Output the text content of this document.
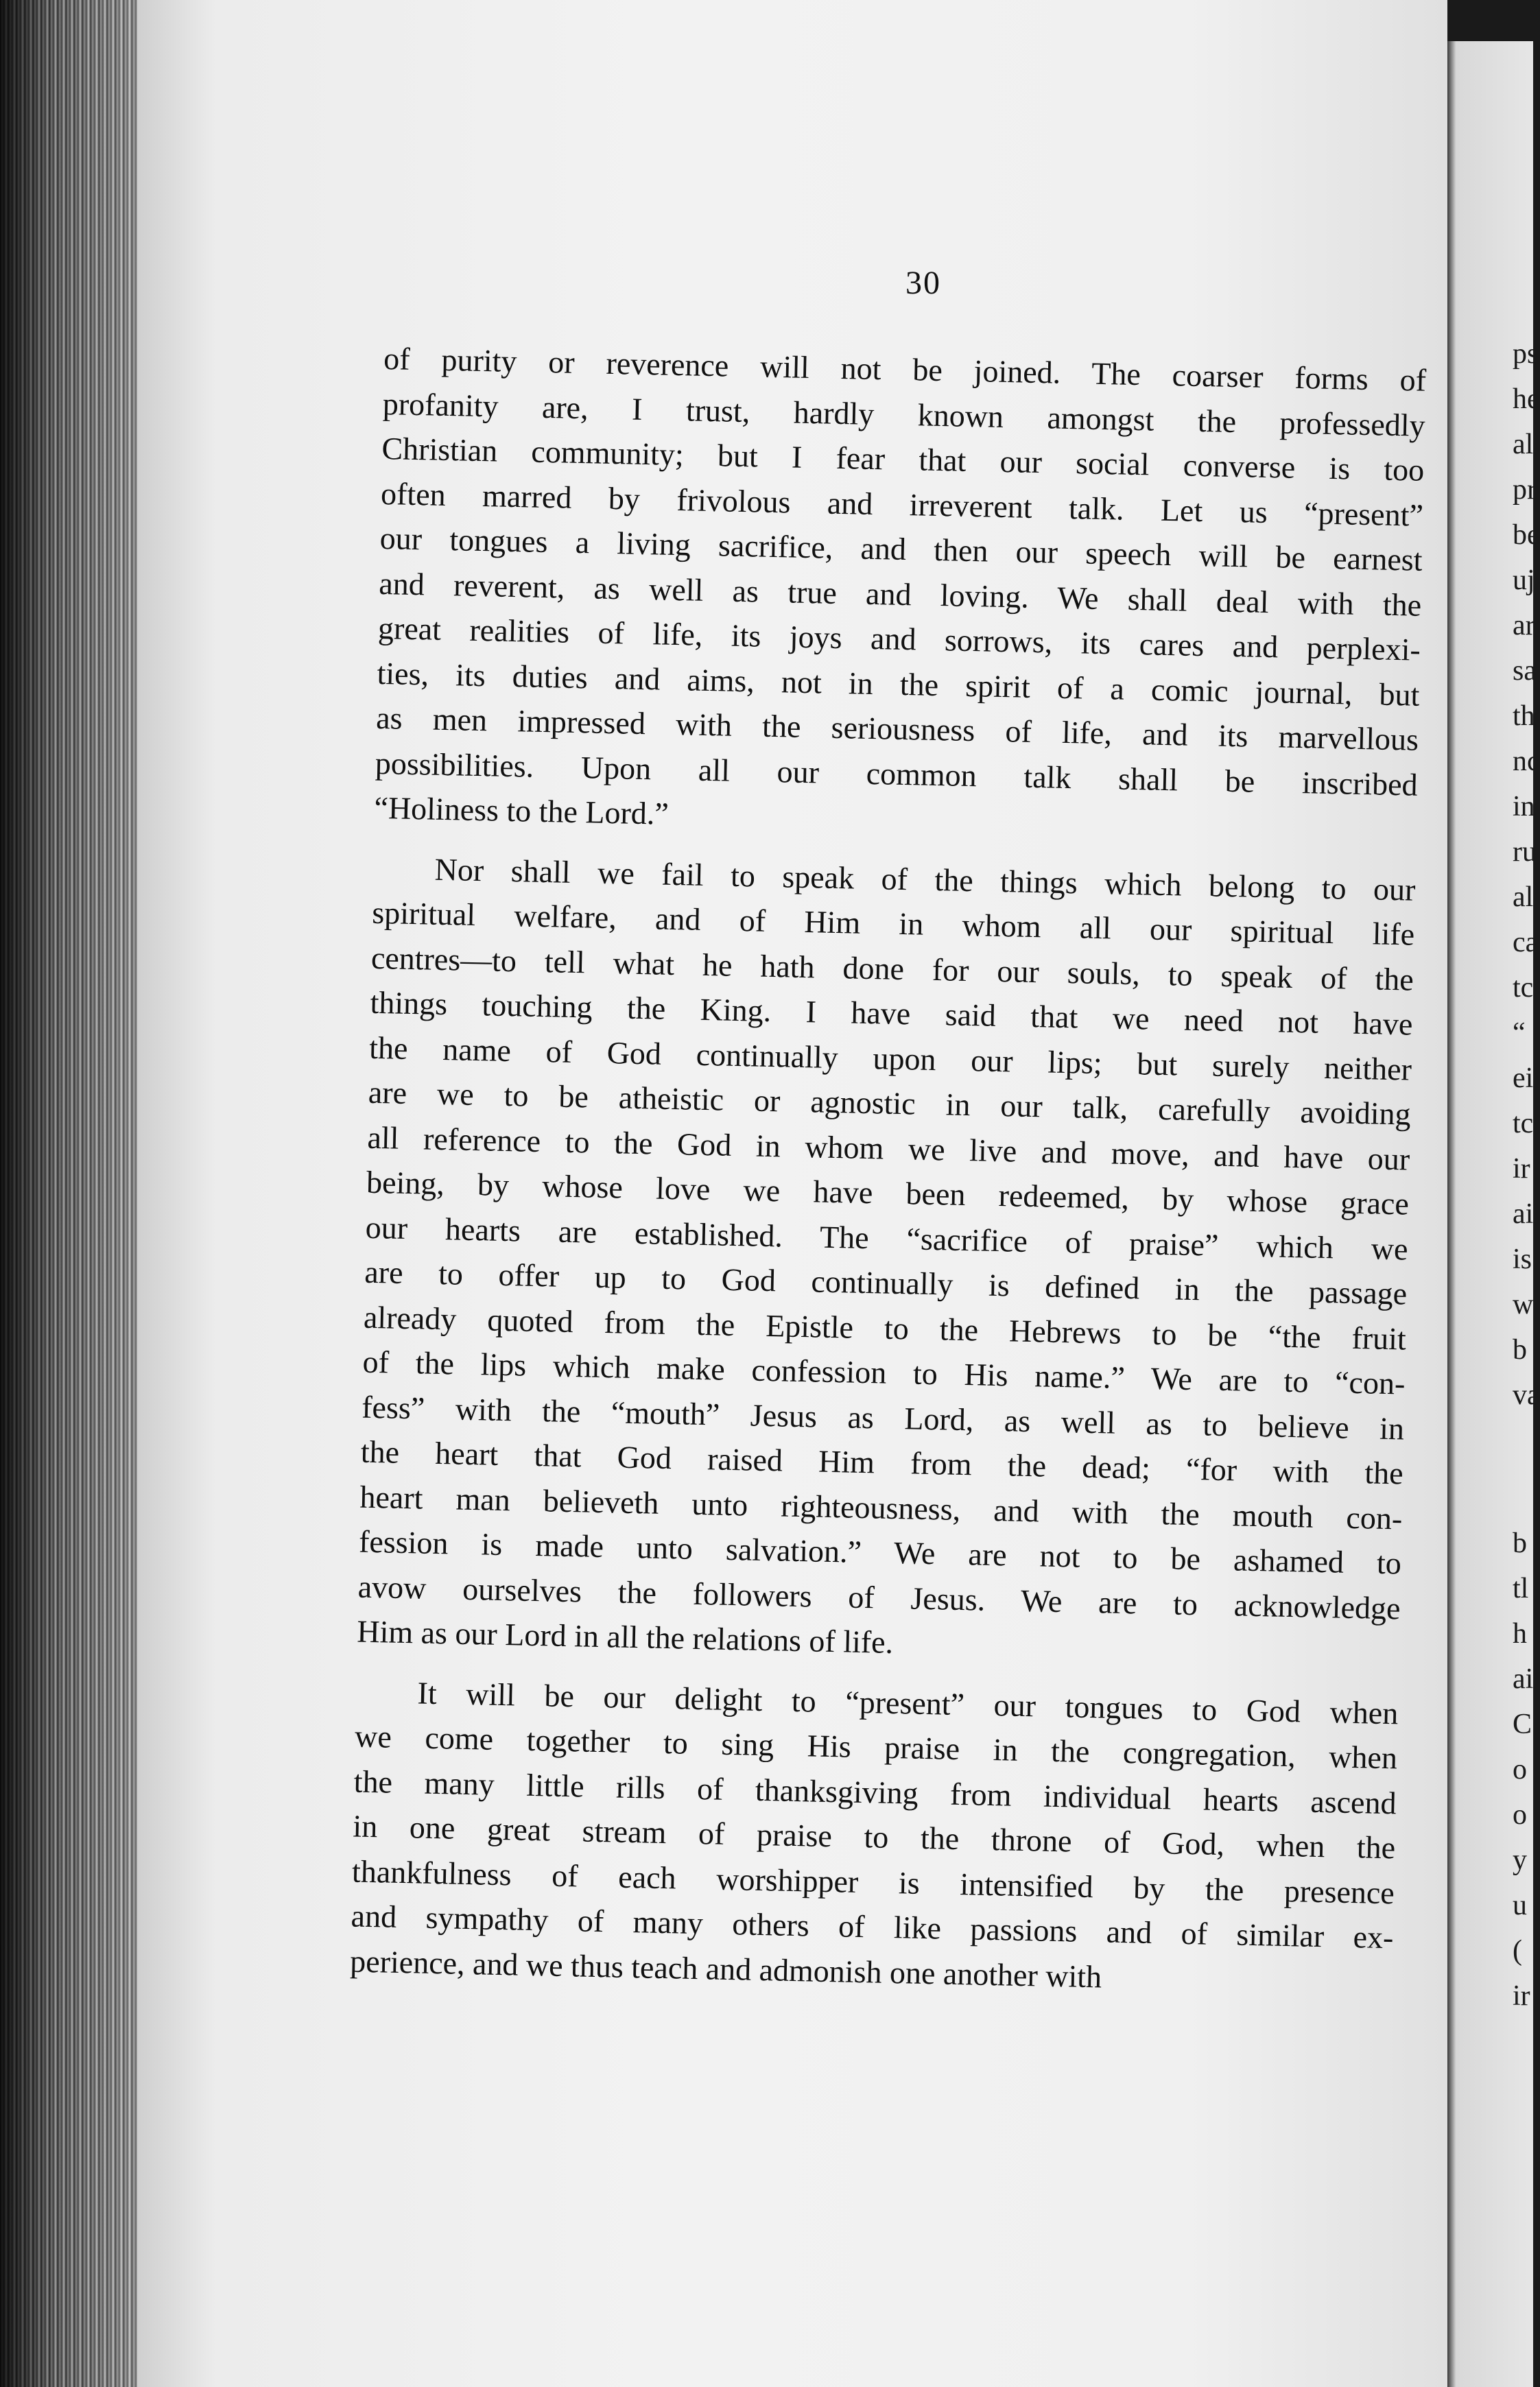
ps
he
al
pr
be
uj
ar
sa
th
nc
in
ru
al
ca
tc
“
ei
tc
ir
ai
is
w
b
va
b
tl
h
ai
C
o
o
y
u
(
ir
30

of purity or reverence will not be joined. The coarser forms of
profanity are, I trust, hardly known amongst the professedly
Christian community; but I fear that our social converse is too
often marred by frivolous and irreverent talk. Let us “present”
our tongues a living sacrifice, and then our speech will be earnest
and reverent, as well as true and loving. We shall deal with the
great realities of life, its joys and sorrows, its cares and perplexi-
ties, its duties and aims, not in the spirit of a comic journal, but
as men impressed with the seriousness of life, and its marvellous
possibilities. Upon all our common talk shall be inscribed
“Holiness to the Lord.”

Nor shall we fail to speak of the things which belong to our
spiritual welfare, and of Him in whom all our spiritual life
centres—to tell what he hath done for our souls, to speak of the
things touching the King. I have said that we need not have
the name of God continually upon our lips; but surely neither
are we to be atheistic or agnostic in our talk, carefully avoiding
all reference to the God in whom we live and move, and have our
being, by whose love we have been redeemed, by whose grace
our hearts are established. The “sacrifice of praise” which we
are to offer up to God continually is defined in the passage
already quoted from the Epistle to the Hebrews to be “the fruit
of the lips which make confession to His name.” We are to “con-
fess” with the “mouth” Jesus as Lord, as well as to believe in
the heart that God raised Him from the dead; “for with the
heart man believeth unto righteousness, and with the mouth con-
fession is made unto salvation.” We are not to be ashamed to
avow ourselves the followers of Jesus. We are to acknowledge
Him as our Lord in all the relations of life.

It will be our delight to “present” our tongues to God when
we come together to sing His praise in the congregation, when
the many little rills of thanksgiving from individual hearts ascend
in one great stream of praise to the throne of God, when the
thankfulness of each worshipper is intensified by the presence
and sympathy of many others of like passions and of similar ex-
perience, and we thus teach and admonish one another with
